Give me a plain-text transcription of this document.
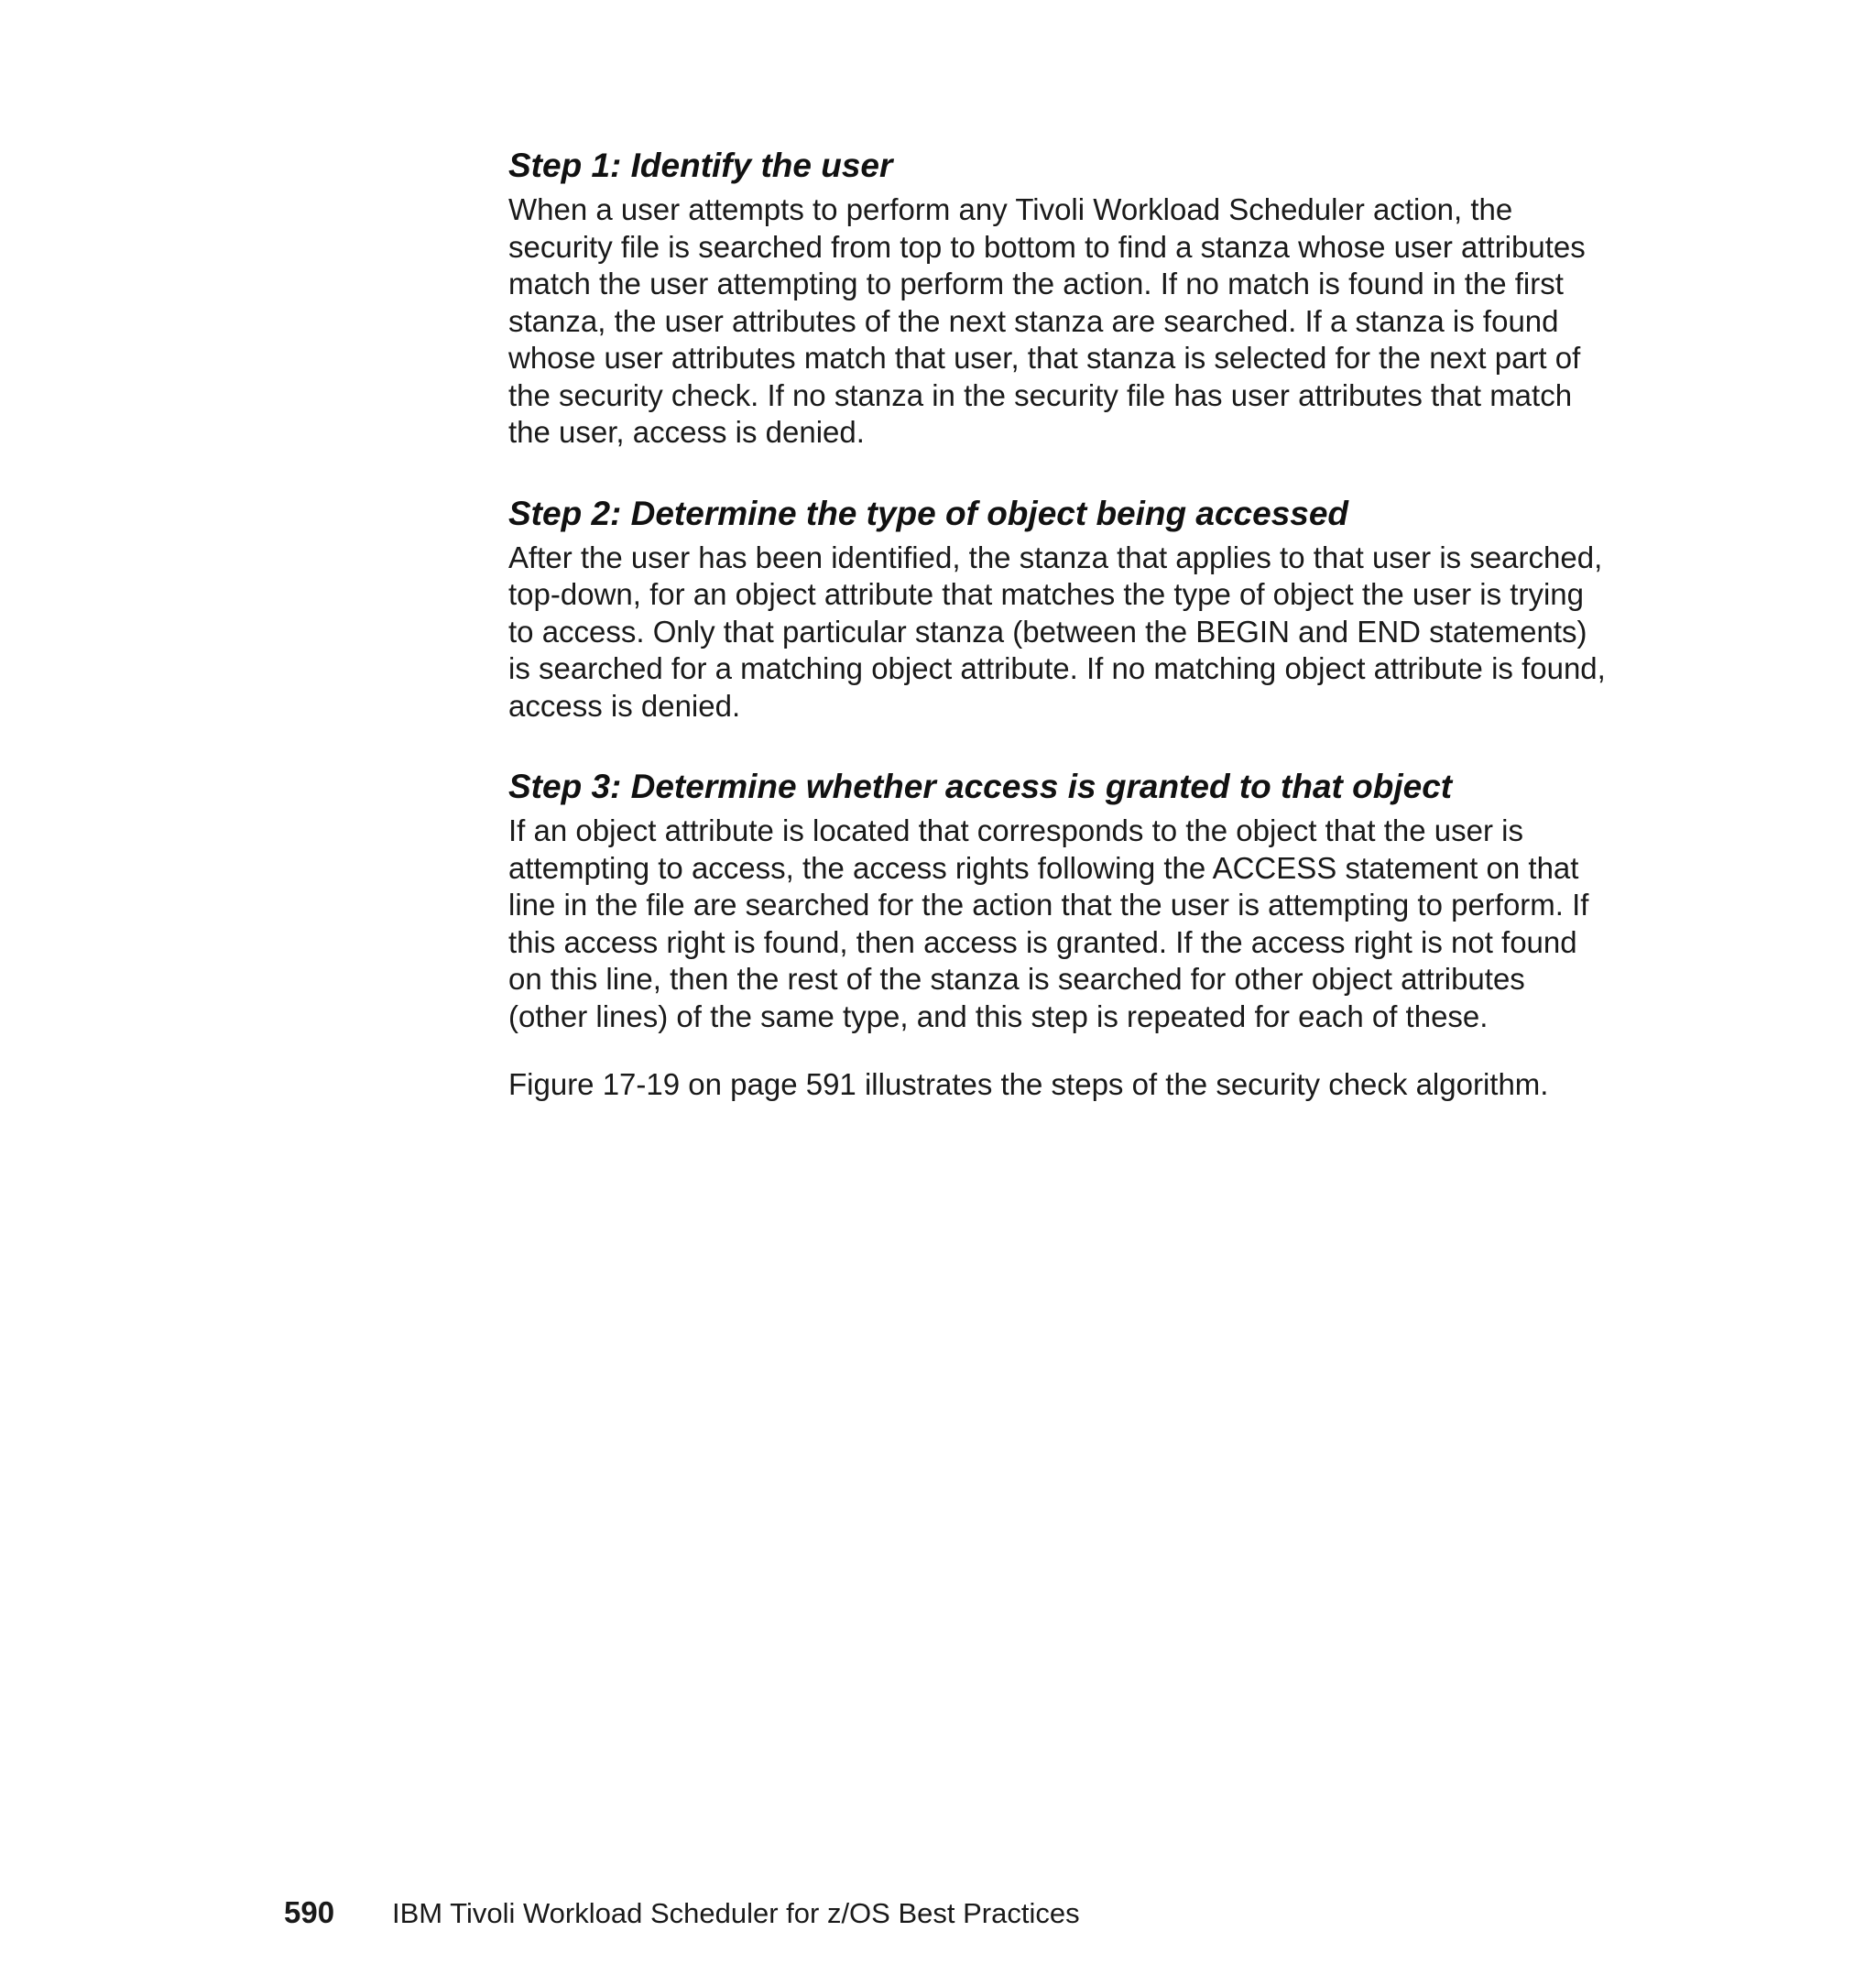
Step 1: Identify the user

When a user attempts to perform any Tivoli Workload Scheduler action, the security file is searched from top to bottom to find a stanza whose user attributes match the user attempting to perform the action. If no match is found in the first stanza, the user attributes of the next stanza are searched. If a stanza is found whose user attributes match that user, that stanza is selected for the next part of the security check. If no stanza in the security file has user attributes that match the user, access is denied.

Step 2: Determine the type of object being accessed

After the user has been identified, the stanza that applies to that user is searched, top-down, for an object attribute that matches the type of object the user is trying to access. Only that particular stanza (between the BEGIN and END statements) is searched for a matching object attribute. If no matching object attribute is found, access is denied.

Step 3: Determine whether access is granted to that object

If an object attribute is located that corresponds to the object that the user is attempting to access, the access rights following the ACCESS statement on that line in the file are searched for the action that the user is attempting to perform. If this access right is found, then access is granted. If the access right is not found on this line, then the rest of the stanza is searched for other object attributes (other lines) of the same type, and this step is repeated for each of these.

Figure 17-19 on page 591 illustrates the steps of the security check algorithm.

590 IBM Tivoli Workload Scheduler for z/OS Best Practices
